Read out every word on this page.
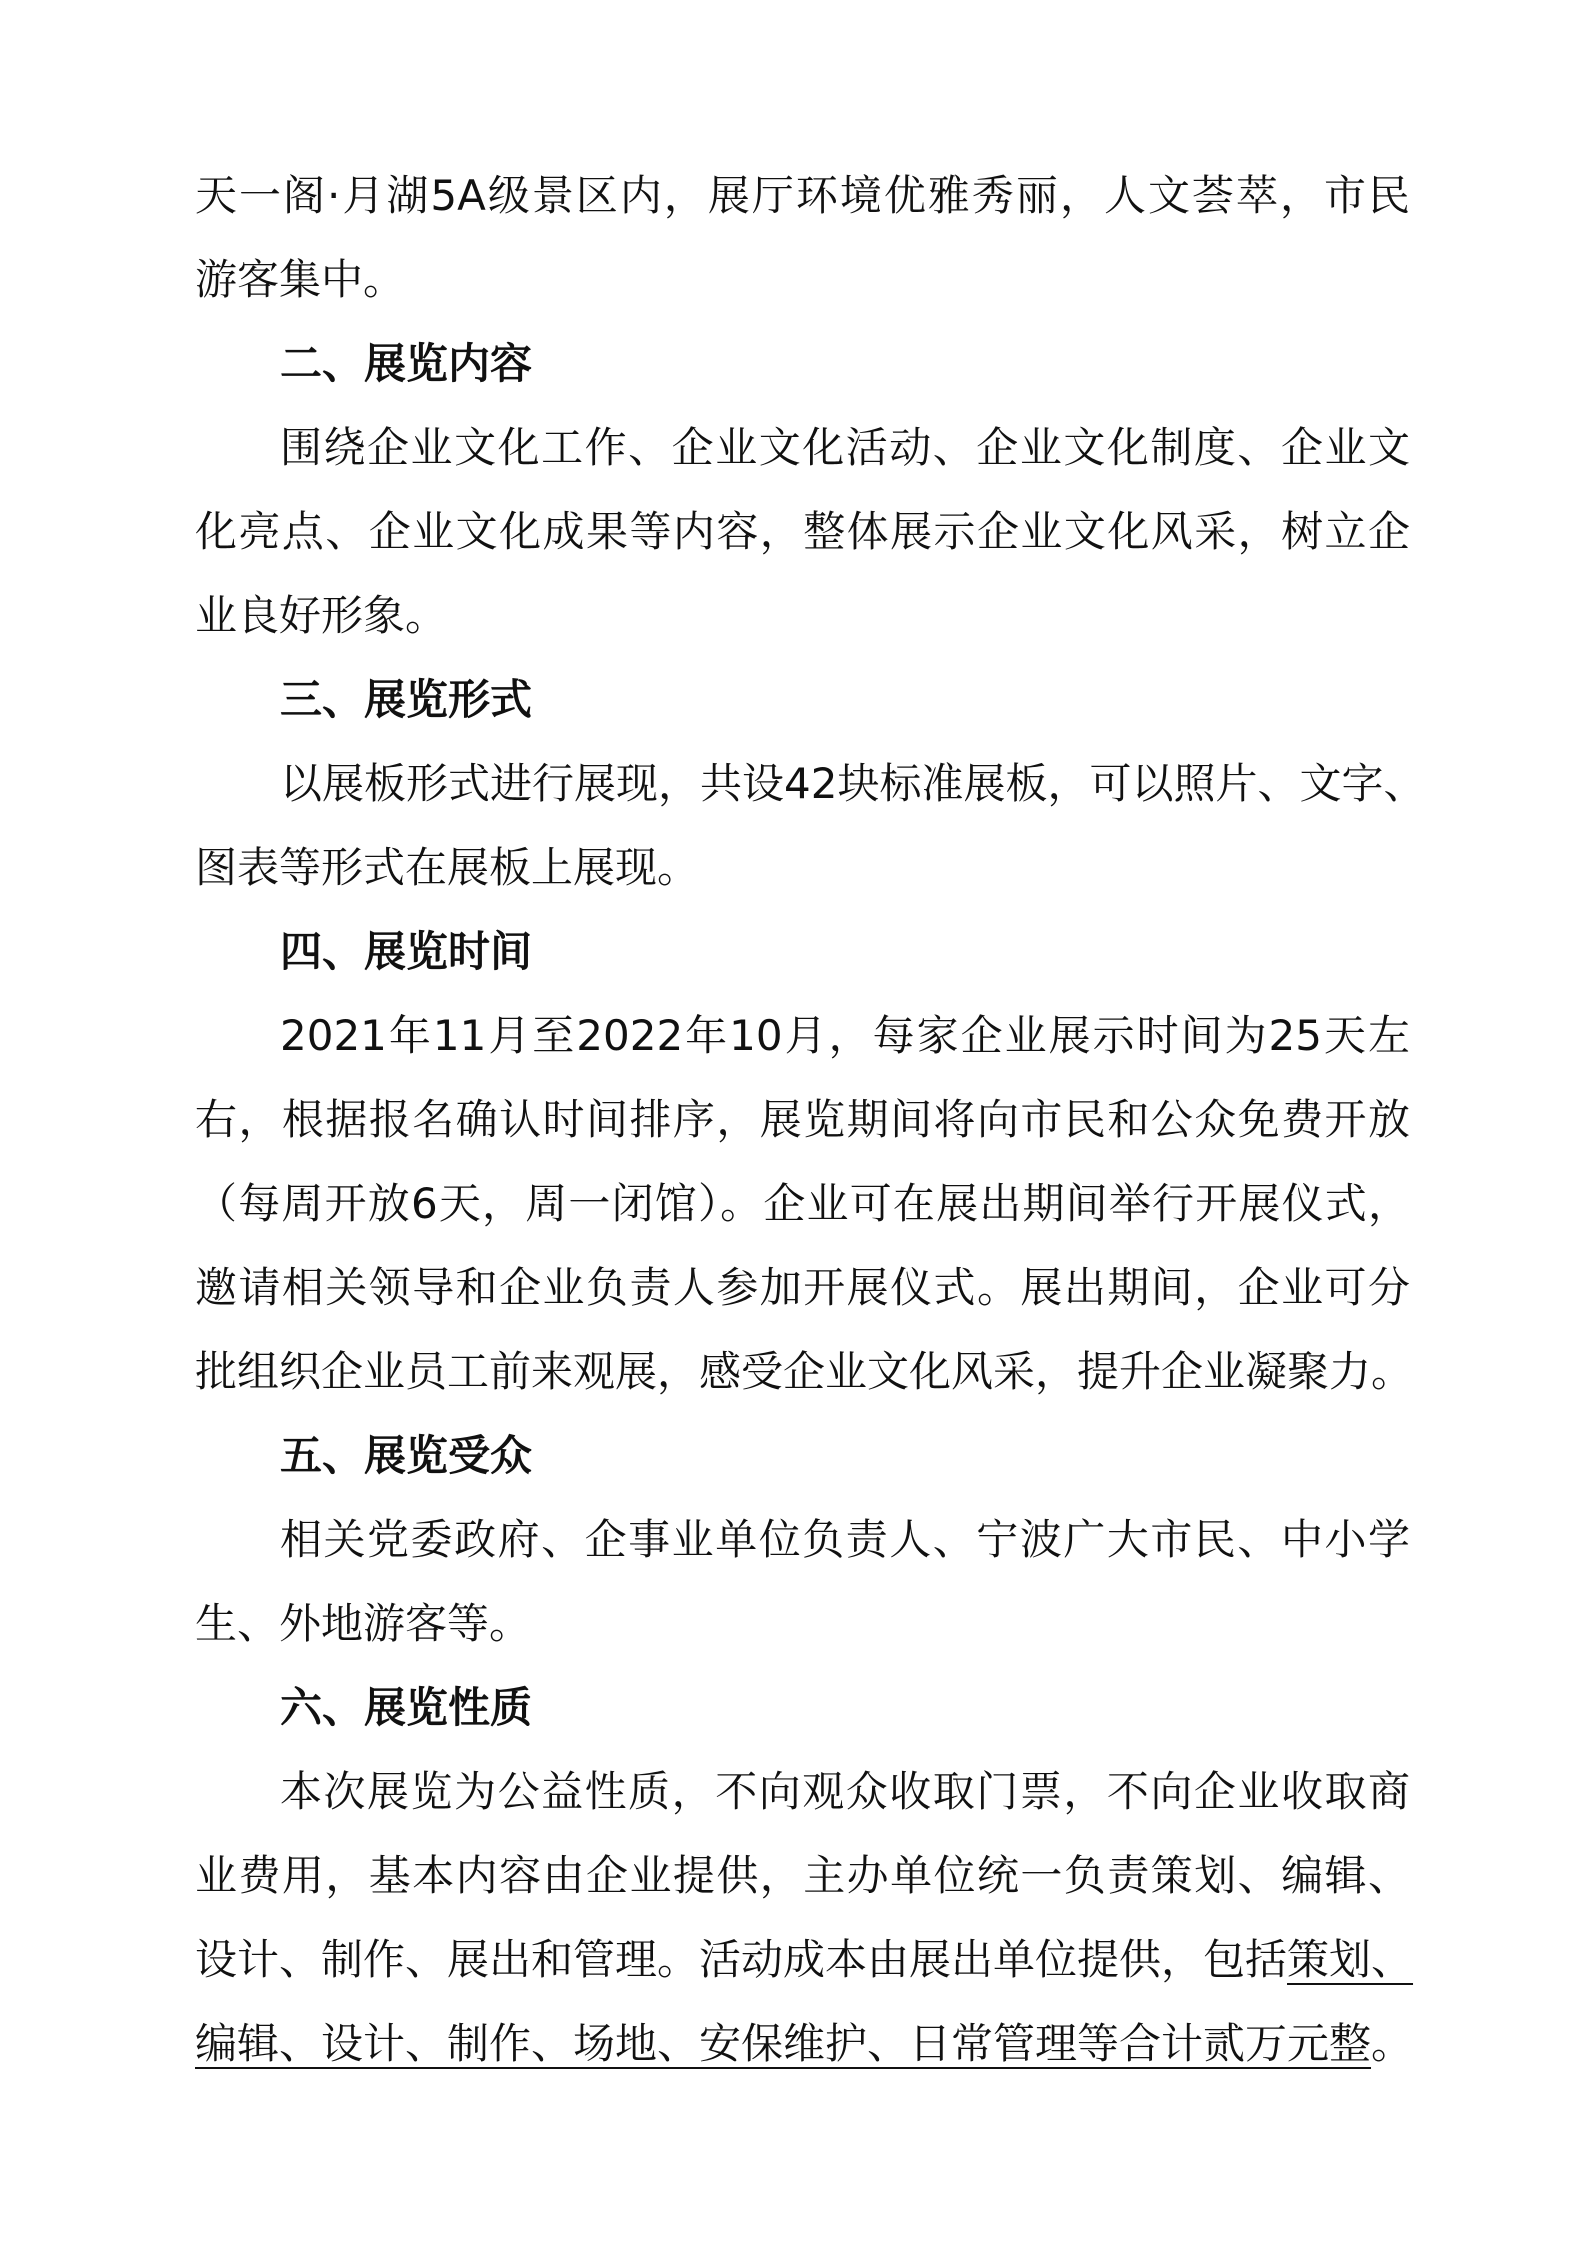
天一阁·月湖5A级景区内，展厅环境优雅秀丽，人文荟萃，市民
游客集中。
二、展览内容
围绕企业文化工作、企业文化活动、企业文化制度、企业文
化亮点、企业文化成果等内容，整体展示企业文化风采，树立企
业良好形象。
三、展览形式
以展板形式进行展现，共设42块标准展板，可以照片、文字、
图表等形式在展板上展现。
四、展览时间
2021年11月至2022年10月，每家企业展示时间为25天左
右，根据报名确认时间排序，展览期间将向市民和公众免费开放
（每周开放6天，周一闭馆）。企业可在展出期间举行开展仪式，
邀请相关领导和企业负责人参加开展仪式。展出期间，企业可分
批组织企业员工前来观展，感受企业文化风采，提升企业凝聚力。
五、展览受众
相关党委政府、企事业单位负责人、宁波广大市民、中小学
生、外地游客等。
六、展览性质
本次展览为公益性质，不向观众收取门票，不向企业收取商
业费用，基本内容由企业提供，主办单位统一负责策划、编辑、
设计、制作、展出和管理。活动成本由展出单位提供，包括策划、
编辑、设计、制作、场地、安保维护、日常管理等合计贰万元整。
